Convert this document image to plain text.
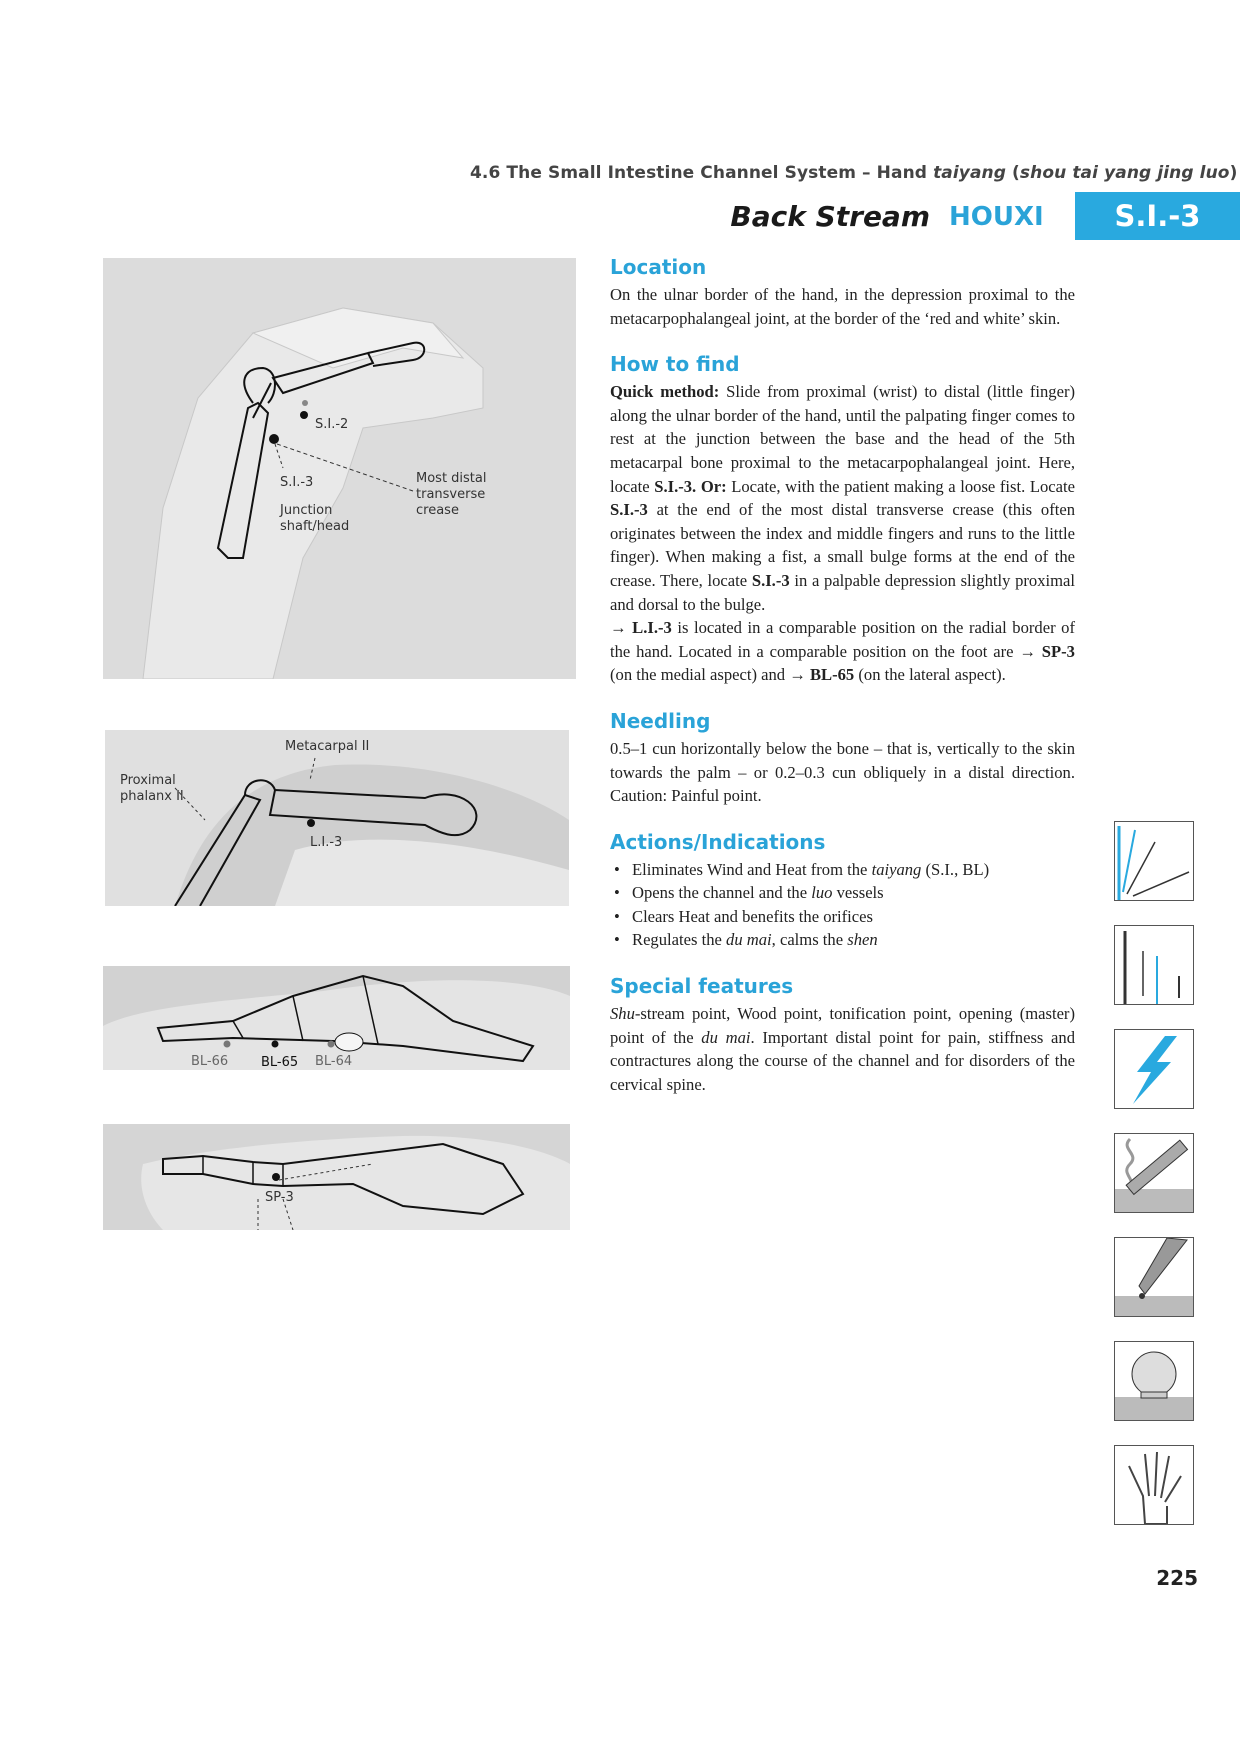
4.6 The Small Intestine Channel System – Hand taiyang (shou tai yang jing luo)
Back Stream HOUXI	S.I.-3
S.I.-2
S.I.-3
Junction
shaft/head
Most distal
transverse
crease
Metacarpal II
Proximal
phalanx II
L.I.-3
BL-66	BL-65 BL-64
SP-3
Location

On the ulnar border of the hand, in the depression proximal to the metacarpophalangeal joint, at the border of the ‘red and white’ skin.

How to find

Quick method: Slide from proximal (wrist) to distal (little finger) along the ulnar border of the hand, until the palpating finger comes to rest at the junction between the base and the head of the 5th metacarpal bone proximal to the metacarpophalangeal joint. Here, locate S.I.-3. Or: Locate, with the patient making a loose fist. Locate S.I.-3 at the end of the most distal transverse crease (this often originates between the index and middle fingers and runs to the little finger). When making a fist, a small bulge forms at the end of the crease. There, locate S.I.-3 in a palpable depression slightly proximal and dorsal to the bulge.
→ L.I.-3 is located in a comparable position on the radial border of the hand. Located in a comparable position on the foot are → SP-3 (on the medial aspect) and → BL-65 (on the lateral aspect).

Needling

0.5–1 cun horizontally below the bone – that is, vertically to the skin towards the palm – or 0.2–0.3 cun obliquely in a distal direction. Caution: Painful point.

Actions/Indications
• Eliminates Wind and Heat from the taiyang (S.I., BL)
• Opens the channel and the luo vessels
• Clears Heat and benefits the orifices
• Regulates the du mai, calms the shen
Special features

Shu-stream point, Wood point, tonification point, opening (master) point of the du mai. Important distal point for pain, stiffness and contractures along the course of the channel and for disorders of the cervical spine.

225
